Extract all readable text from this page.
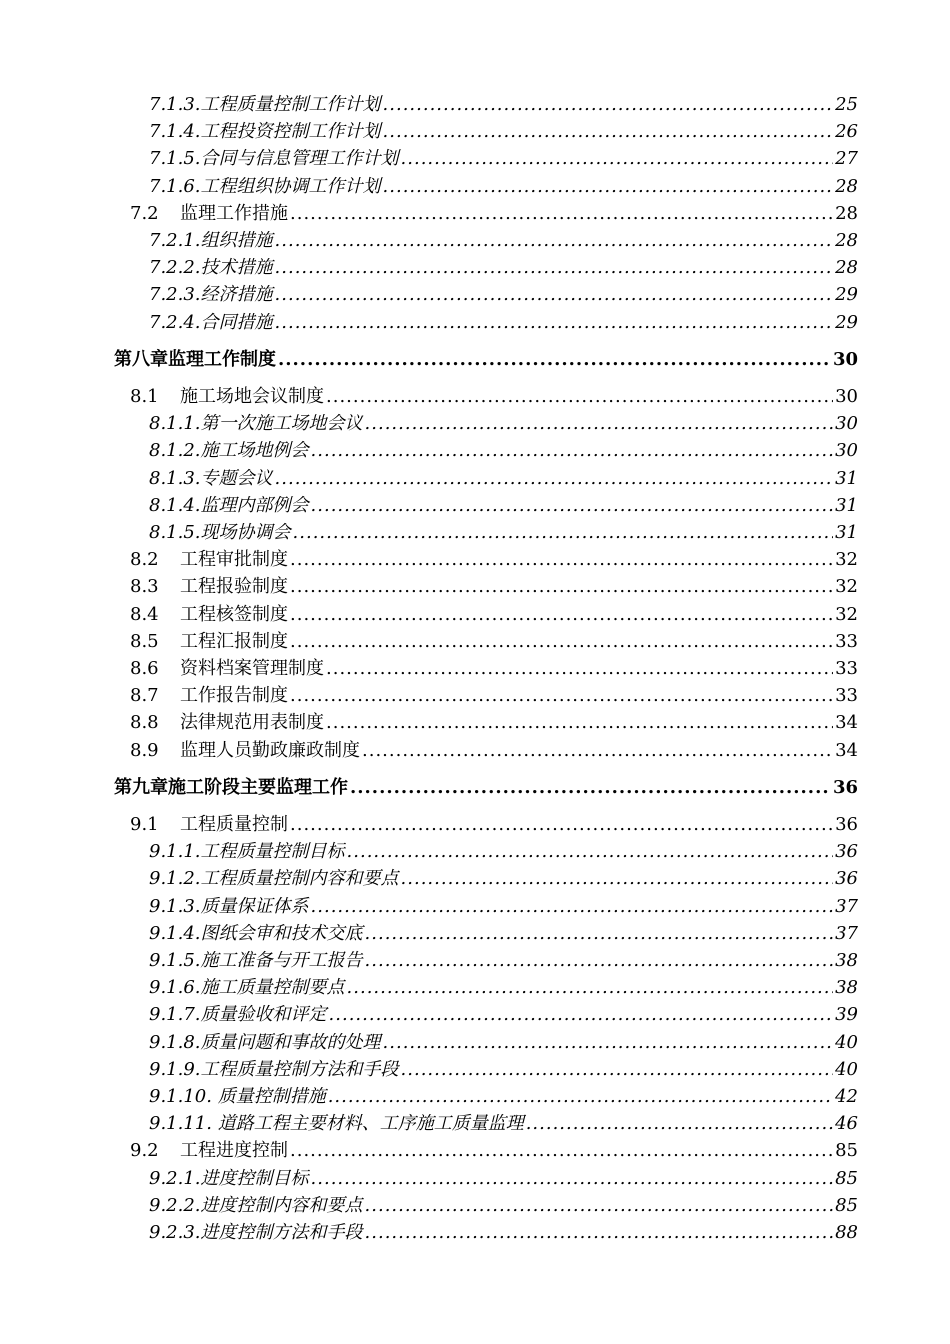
7.1.3.工程质量控制工作计划 .....	25
7.1.4.工程投资控制工作计划 .....	26
7.1.5.合同与信息管理工作计划 .....	27
7.1.6.工程组织协调工作计划 .....	28
7.2 监理工作措施 .....	28
7.2.1.组织措施 .....	28
7.2.2.技术措施 .....	28
7.2.3.经济措施 .....	29
7.2.4.合同措施 .....	29
第八章监理工作制度 .....	30
8.1 施工场地会议制度 .....	30
8.1.1.第一次施工场地会议 .....	30
8.1.2.施工场地例会 .....	30
8.1.3.专题会议 .....	31
8.1.4.监理内部例会 .....	31
8.1.5.现场协调会 .....	31
8.2 工程审批制度 .....	32
8.3 工程报验制度 .....	32
8.4 工程核签制度 .....	32
8.5 工程汇报制度 .....	33
8.6 资料档案管理制度 .....	33
8.7 工作报告制度 .....	33
8.8 法律规范用表制度 .....	34
8.9 监理人员勤政廉政制度 .....	34
第九章施工阶段主要监理工作 .....	36
9.1 工程质量控制 .....	36
9.1.1.工程质量控制目标 .....	36
9.1.2.工程质量控制内容和要点 .....	36
9.1.3.质量保证体系 .....	37
9.1.4.图纸会审和技术交底 .....	37
9.1.5.施工准备与开工报告 .....	38
9.1.6.施工质量控制要点 .....	38
9.1.7.质量验收和评定 .....	39
9.1.8.质量问题和事故的处理 .....	40
9.1.9.工程质量控制方法和手段 .....	40
9.1.10. 质量控制措施 .....	42
9.1.11. 道路工程主要材料、工序施工质量监理 .....	46
9.2 工程进度控制 .....	85
9.2.1.进度控制目标 .....	85
9.2.2.进度控制内容和要点 .....	85
9.2.3.进度控制方法和手段 .....	88
